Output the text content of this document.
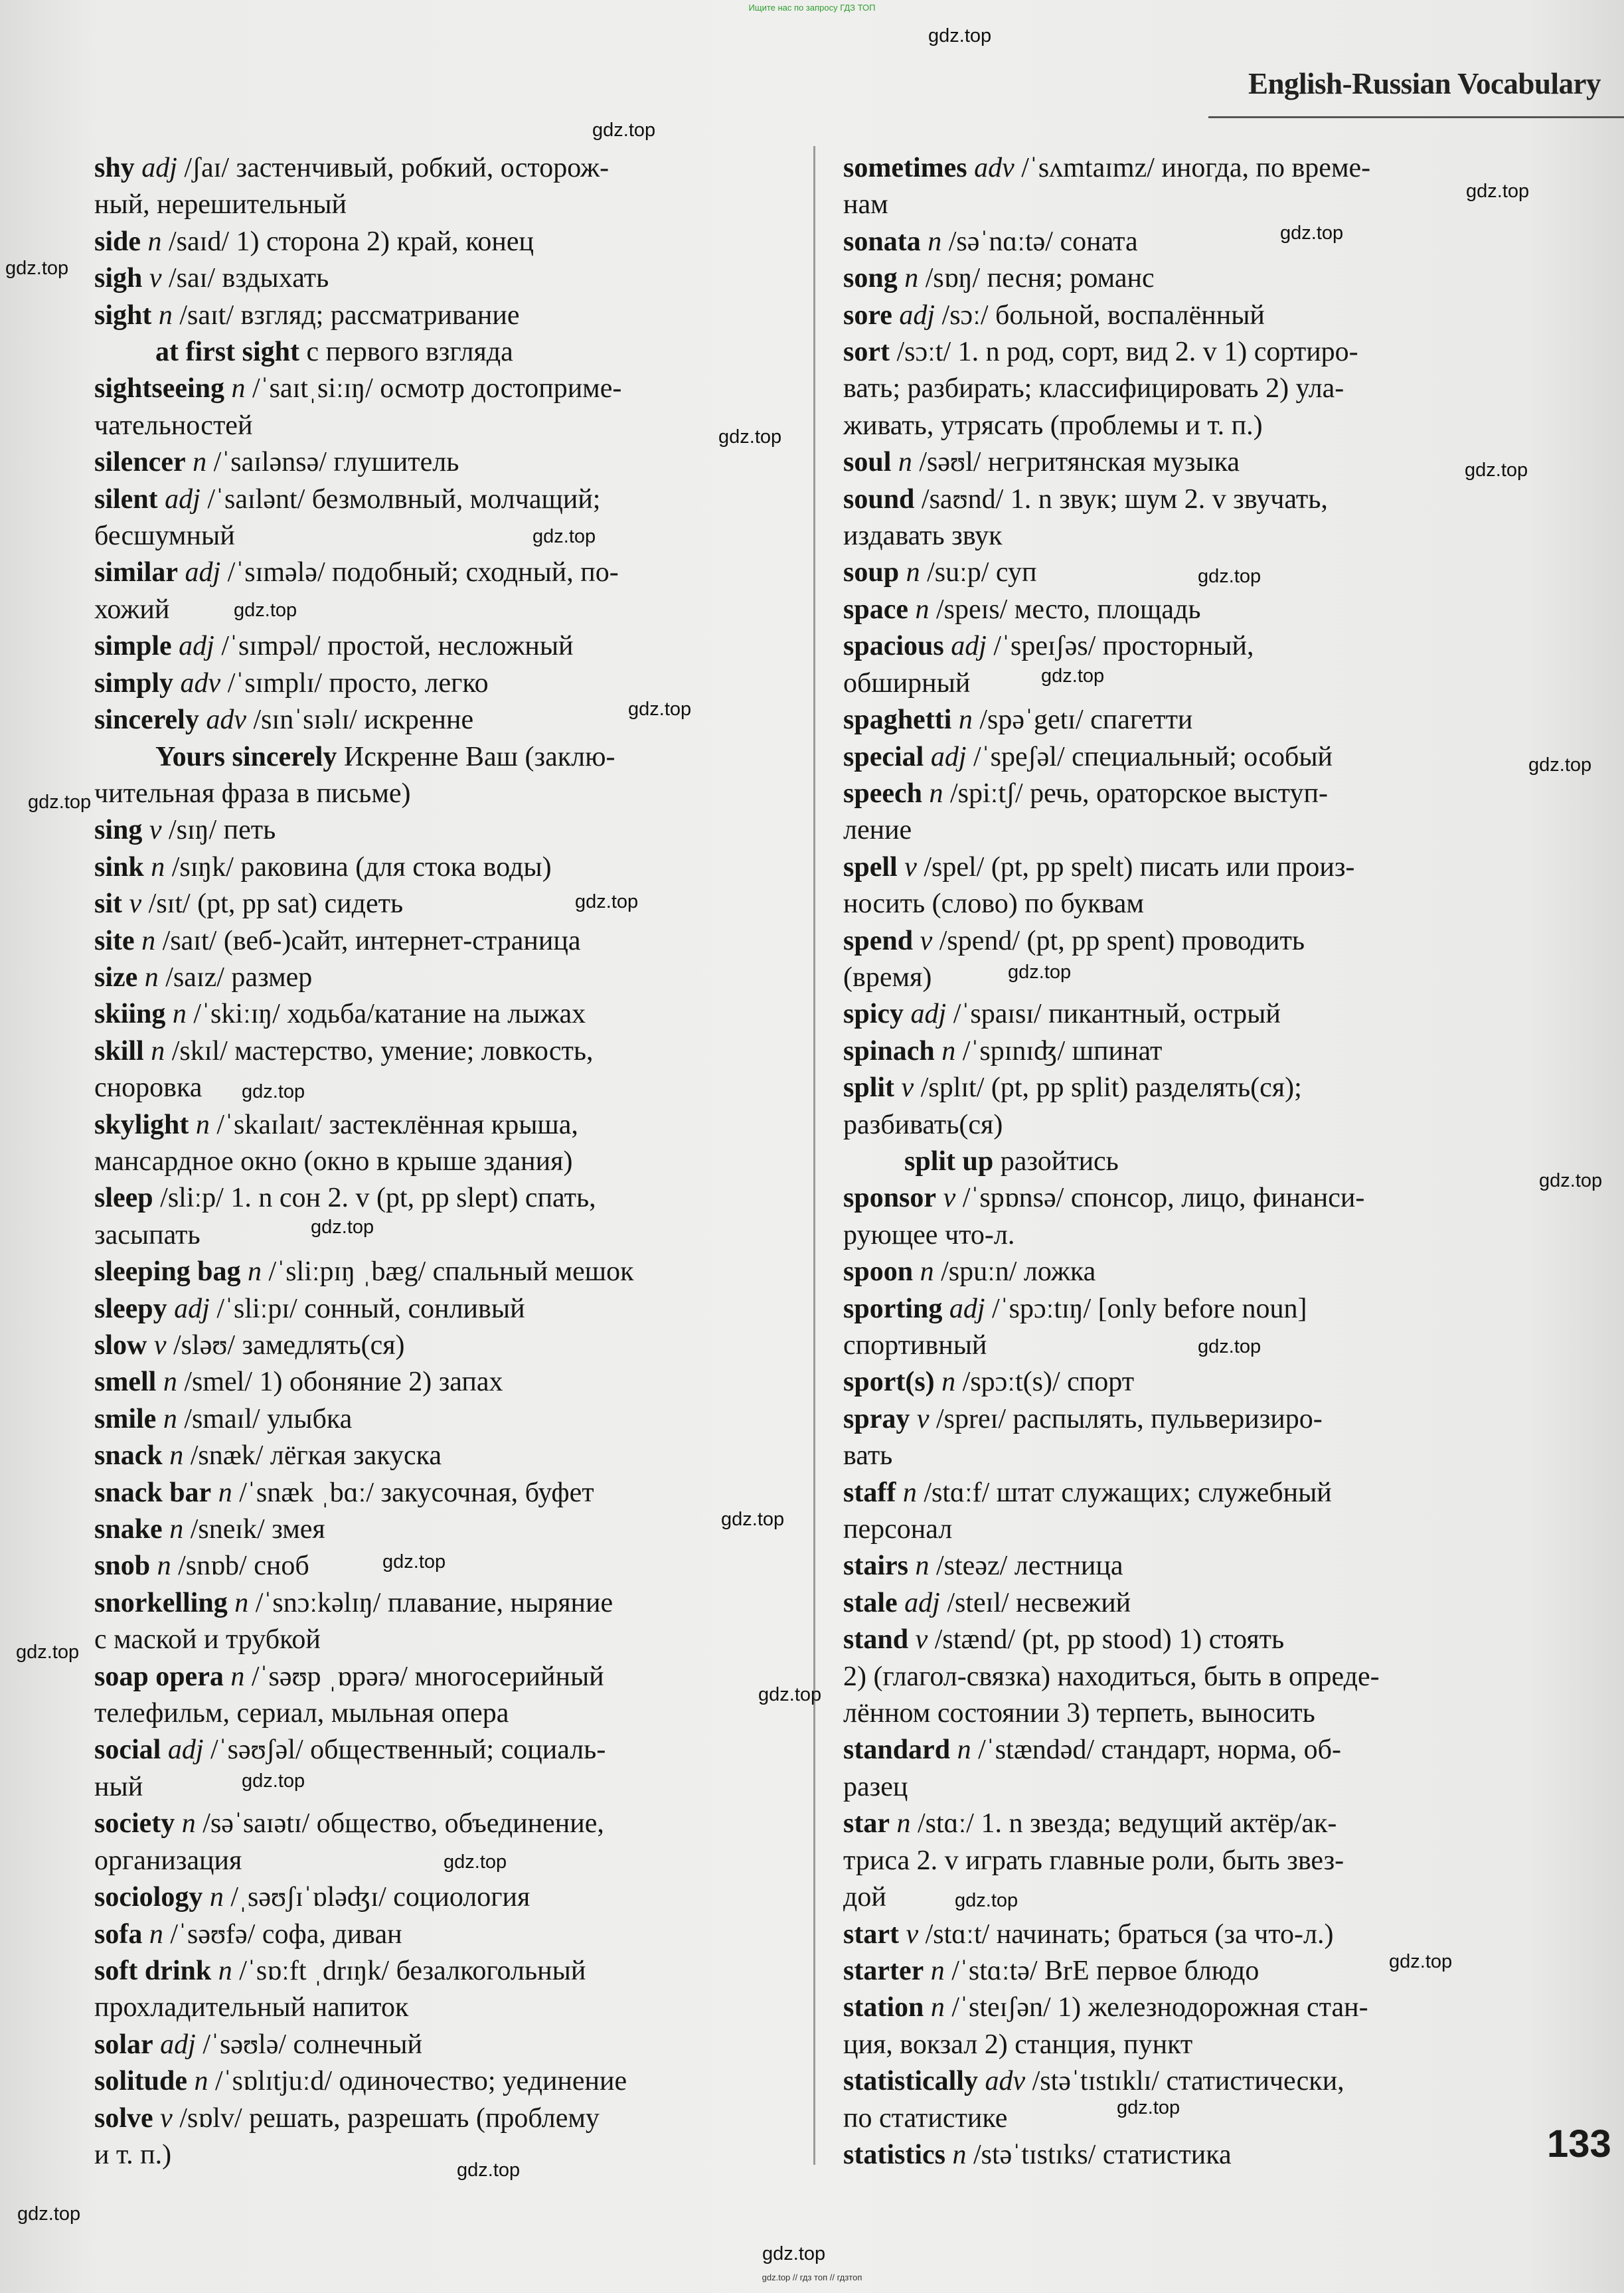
Ищите нас по запросу ГДЗ ТОП
English-Russian Vocabulary

shy adj /ʃaɪ/ застенчивый, робкий, осторож-

ный, нерешительный

side n /saɪd/ 1) сторона 2) край, конец

sigh v /saɪ/ вздыхать

sight n /saɪt/ взгляд; рассматривание

at first sight с первого взгляда

sightseeing n /ˈsaɪtˌsiːɪŋ/ осмотр достоприме-

чательностей

silencer n /ˈsaɪlənsə/ глушитель

silent adj /ˈsaɪlənt/ безмолвный, молчащий;

бесшумный

similar adj /ˈsɪmələ/ подобный; сходный, по-

хожий

simple adj /ˈsɪmpəl/ простой, несложный

simply adv /ˈsɪmplɪ/ просто, легко

sincerely adv /sɪnˈsɪəlɪ/ искренне

Yours sincerely Искренне Ваш (заклю-

чительная фраза в письме)

sing v /sɪŋ/ петь

sink n /sɪŋk/ раковина (для стока воды)

sit v /sɪt/ (pt, pp sat) сидеть

site n /saɪt/ (веб-)сайт, интернет-страница

size n /saɪz/ размер

skiing n /ˈskiːɪŋ/ ходьба/катание на лыжах

skill n /skɪl/ мастерство, умение; ловкость,

сноровка

skylight n /ˈskaɪlaɪt/ застеклённая крыша,

мансардное окно (окно в крыше здания)

sleep /sliːp/ 1. n сон 2. v (pt, pp slept) спать,

засыпать

sleeping bag n /ˈsliːpɪŋ ˌbæg/ спальный мешок

sleepy adj /ˈsliːpɪ/ сонный, сонливый

slow v /sləʊ/ замедлять(ся)

smell n /smel/ 1) обоняние 2) запах

smile n /smaɪl/ улыбка

snack n /snæk/ лёгкая закуска

snack bar n /ˈsnæk ˌbɑː/ закусочная, буфет

snake n /sneɪk/ змея

snob n /snɒb/ сноб

snorkelling n /ˈsnɔːkəlɪŋ/ плавание, ныряние

с маской и трубкой

soap opera n /ˈsəʊp ˌɒpərə/ многосерийный

телефильм, сериал, мыльная опера

social adj /ˈsəʊʃəl/ общественный; социаль-

ный

society n /səˈsaɪətɪ/ общество, объединение,

организация

sociology n /ˌsəʊʃɪˈɒləʤɪ/ социология

sofa n /ˈsəʊfə/ софа, диван

soft drink n /ˈsɒːft ˌdrɪŋk/ безалкогольный

прохладительный напиток

solar adj /ˈsəʊlə/ солнечный

solitude n /ˈsɒlɪtjuːd/ одиночество; уединение

solve v /sɒlv/ решать, разрешать (проблему

и т. п.)

sometimes adv /ˈsʌmtaɪmz/ иногда, по време-

нам

sonata n /səˈnɑːtə/ соната

song n /sɒŋ/ песня; романс

sore adj /sɔː/ больной, воспалённый

sort /sɔːt/ 1. n род, сорт, вид 2. v 1) сортиро-

вать; разбирать; классифицировать 2) ула-

живать, утрясать (проблемы и т. п.)

soul n /səʊl/ негритянская музыка

sound /saʊnd/ 1. n звук; шум 2. v звучать,

издавать звук

soup n /suːp/ суп

space n /speɪs/ место, площадь

spacious adj /ˈspeɪʃəs/ просторный,

обширный

spaghetti n /spəˈgetɪ/ спагетти

special adj /ˈspeʃəl/ специальный; особый

speech n /spiːtʃ/ речь, ораторское выступ-

ление

spell v /spel/ (pt, pp spelt) писать или произ-

носить (слово) по буквам

spend v /spend/ (pt, pp spent) проводить

(время)

spicy adj /ˈspaɪsɪ/ пикантный, острый

spinach n /ˈspɪnɪʤ/ шпинат

split v /splɪt/ (pt, pp split) разделять(ся);

разбивать(ся)

split up разойтись

sponsor v /ˈspɒnsə/ спонсор, лицо, финанси-

рующее что-л.

spoon n /spuːn/ ложка

sporting adj /ˈspɔːtɪŋ/ [only before noun]

спортивный

sport(s) n /spɔːt(s)/ спорт

spray v /spreɪ/ распылять, пульверизиро-

вать

staff n /stɑːf/ штат служащих; служебный

персонал

stairs n /steəz/ лестница

stale adj /steɪl/ несвежий

stand v /stænd/ (pt, pp stood) 1) стоять

2) (глагол-связка) находиться, быть в опреде-

лённом состоянии 3) терпеть, выносить

standard n /ˈstændəd/ стандарт, норма, об-

разец

star n /stɑː/ 1. n звезда; ведущий актёр/ак-

триса 2. v играть главные роли, быть звез-

дой

start v /stɑːt/ начинать; браться (за что-л.)

starter n /ˈstɑːtə/ BrE первое блюдо

station n /ˈsteɪʃən/ 1) железнодорожная стан-

ция, вокзал 2) станция, пункт

statistically adv /stəˈtɪstɪklɪ/ статистически,

по статистике

statistics n /stəˈtɪstɪks/ статистика	133
gdz.top
gdz.top
gdz.top
gdz.top
gdz.top
gdz.top
gdz.top
gdz.top
gdz.top
gdz.top
gdz.top
gdz.top
gdz.top
gdz.top
gdz.top
gdz.top
gdz.top
gdz.top
gdz.top
gdz.top
gdz.top
gdz.top
gdz.top
gdz.top
gdz.top
gdz.top
gdz.top
gdz.top
gdz.top
gdz.top
gdz.top
gdz.top
gdz.top // гдз топ // гдзтоп
